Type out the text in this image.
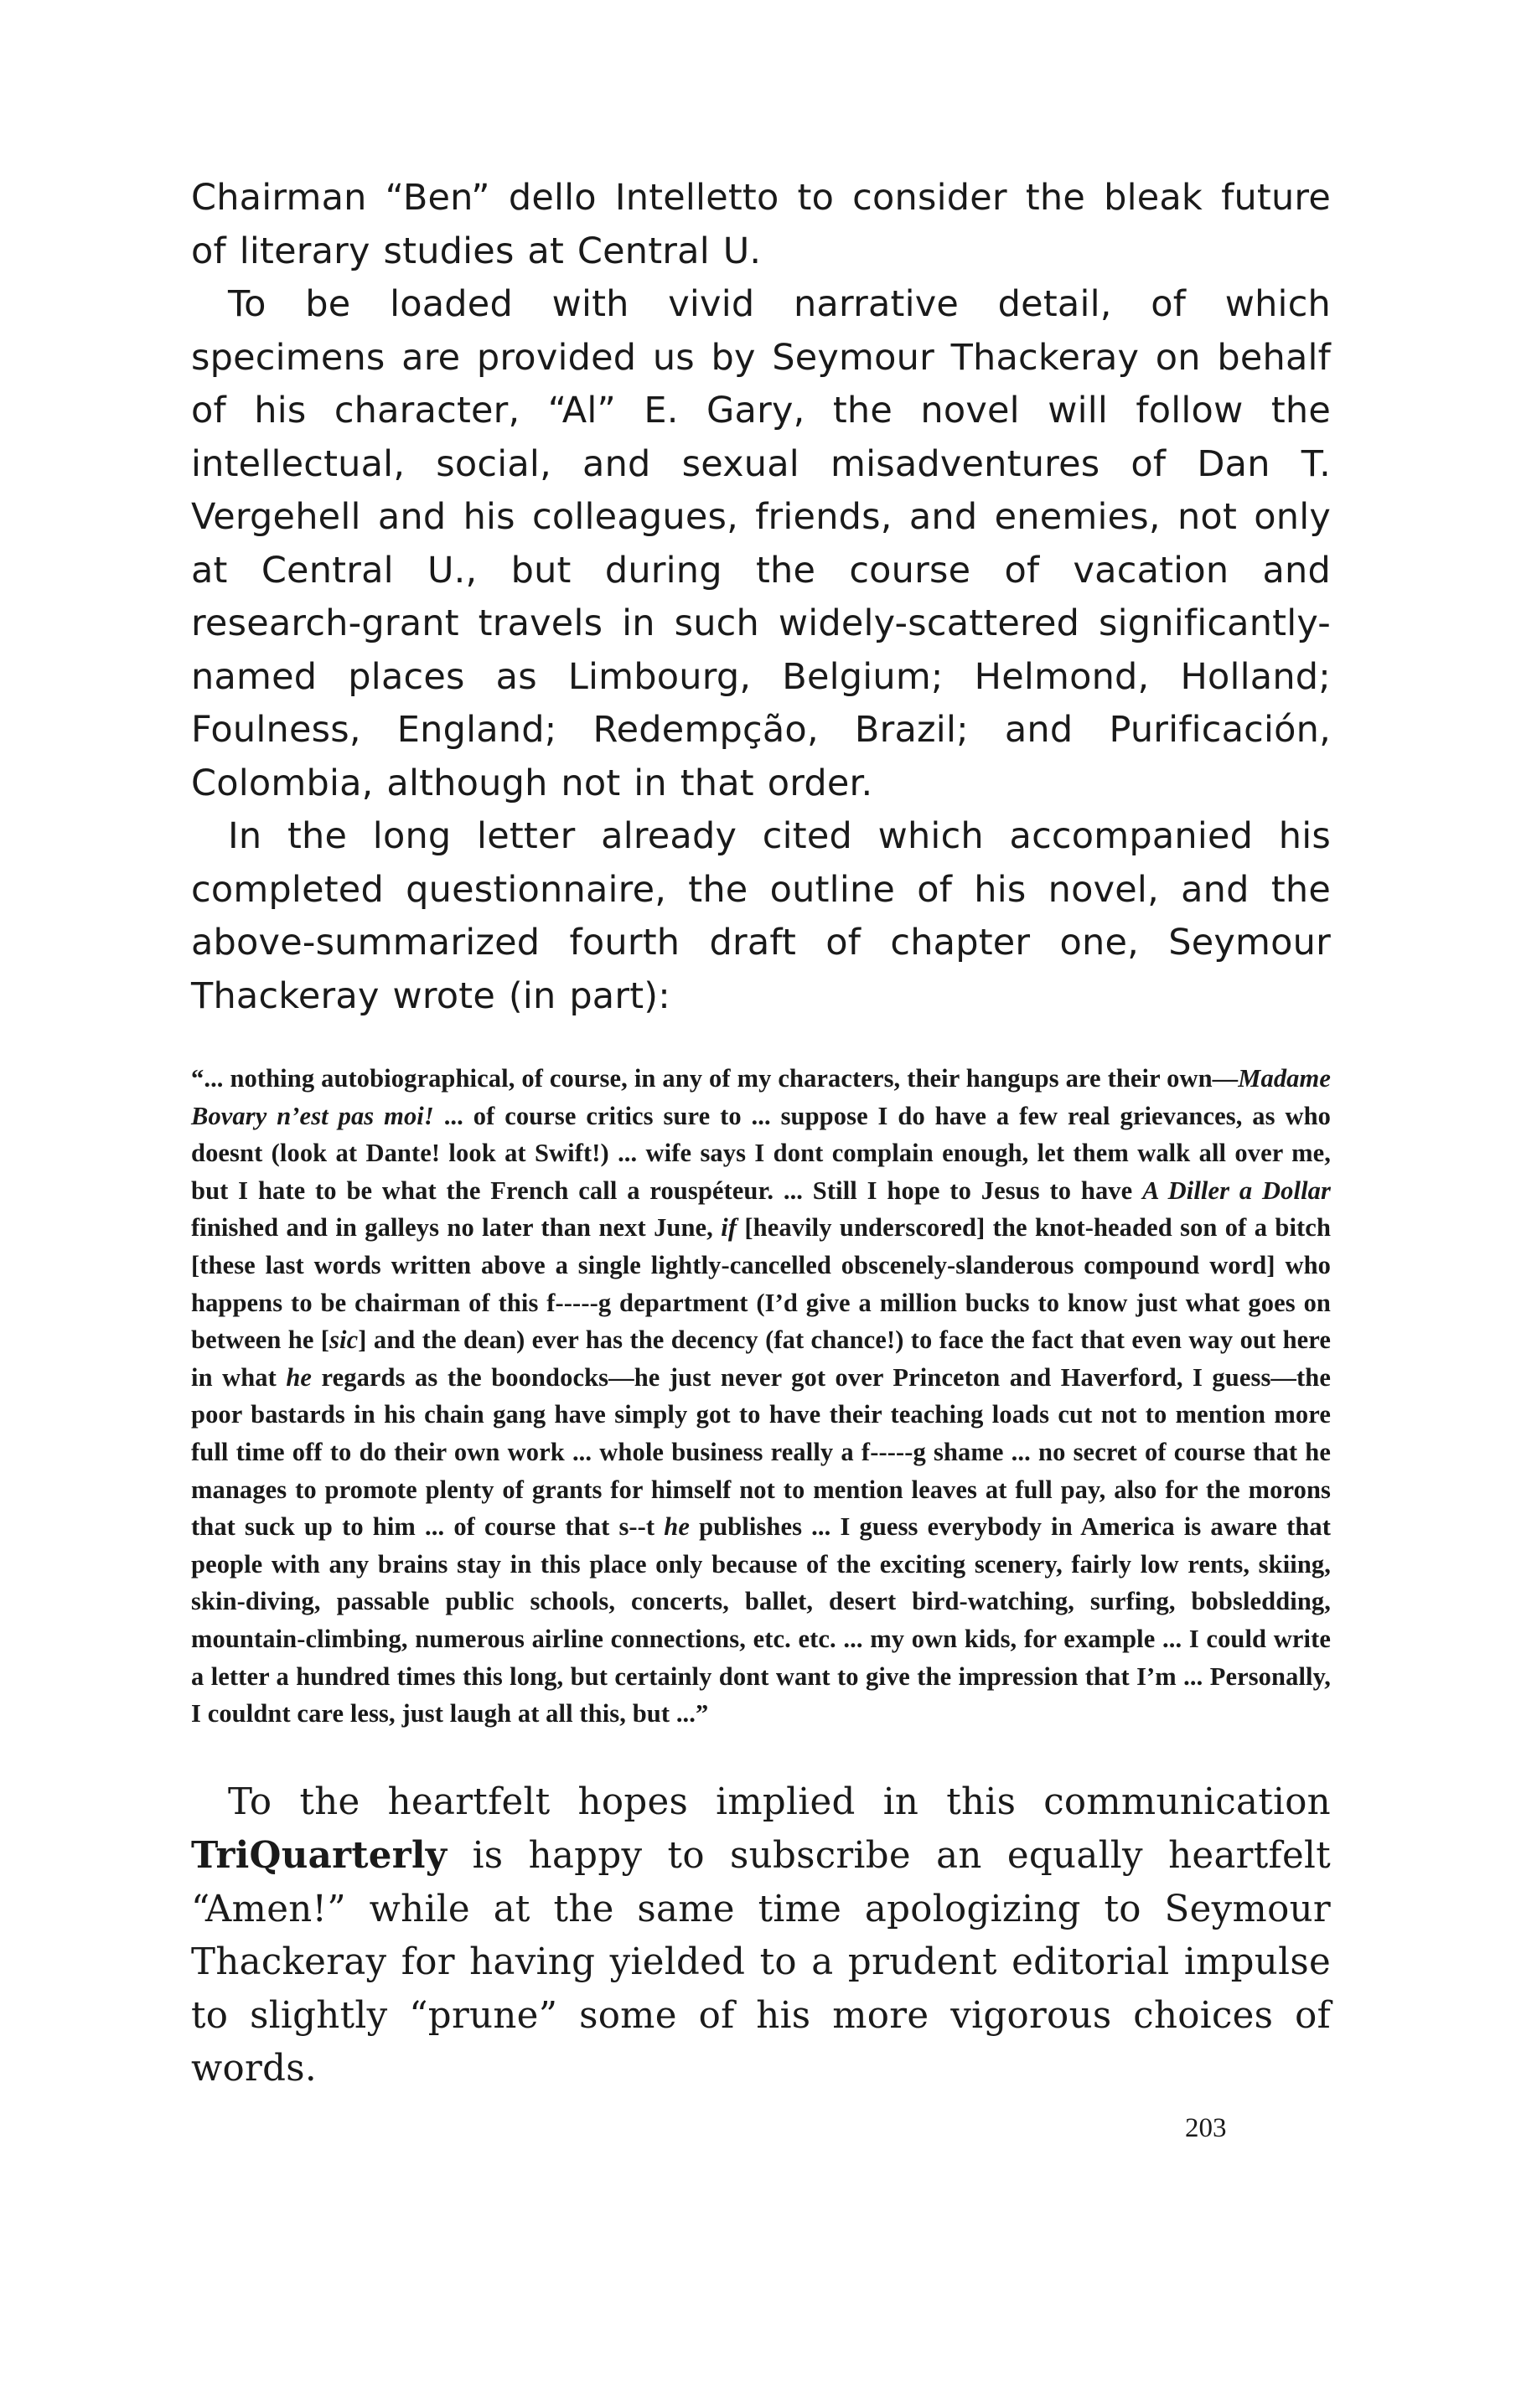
Chairman “Ben” dello Intelletto to consider the bleak future of literary studies at Central U.

To be loaded with vivid narrative detail, of which specimens are provided us by Seymour Thackeray on behalf of his character, “Al” E. Gary, the novel will follow the intellectual, social, and sexual misadventures of Dan T. Vergehell and his colleagues, friends, and enemies, not only at Central U., but during the course of vacation and research-grant travels in such widely-scattered significantly-named places as Limbourg, Belgium; Helmond, Holland; Foulness, England; Redempção, Brazil; and Purificación, Colombia, although not in that order.

In the long letter already cited which accompanied his completed questionnaire, the outline of his novel, and the above-summarized fourth draft of chapter one, Seymour Thackeray wrote (in part):

“... nothing autobiographical, of course, in any of my characters, their hangups are their own—Madame Bovary n’est pas moi! ... of course critics sure to ... suppose I do have a few real grievances, as who doesnt (look at Dante! look at Swift!) ... wife says I dont complain enough, let them walk all over me, but I hate to be what the French call a rouspéteur. ... Still I hope to Jesus to have A Diller a Dollar finished and in galleys no later than next June, if [heavily underscored] the knot-headed son of a bitch [these last words written above a single lightly-cancelled obscenely-slanderous compound word] who happens to be chairman of this f-----g department (I’d give a million bucks to know just what goes on between he [sic] and the dean) ever has the decency (fat chance!) to face the fact that even way out here in what he regards as the boondocks—he just never got over Princeton and Haverford, I guess—the poor bastards in his chain gang have simply got to have their teaching loads cut not to mention more full time off to do their own work ... whole business really a f-----g shame ... no secret of course that he manages to promote plenty of grants for himself not to mention leaves at full pay, also for the morons that suck up to him ... of course that s--t he publishes ... I guess everybody in America is aware that people with any brains stay in this place only because of the exciting scenery, fairly low rents, skiing, skin-diving, passable public schools, concerts, ballet, desert bird-watching, surfing, bobsledding, mountain-climbing, numerous airline connections, etc. etc. ... my own kids, for example ... I could write a letter a hundred times this long, but certainly dont want to give the impression that I’m ... Personally, I couldnt care less, just laugh at all this, but ...”

To the heartfelt hopes implied in this communication TriQuarterly is happy to subscribe an equally heartfelt “Amen!” while at the same time apologizing to Seymour Thackeray for having yielded to a prudent editorial impulse to slightly “prune” some of his more vigorous choices of words.

203
